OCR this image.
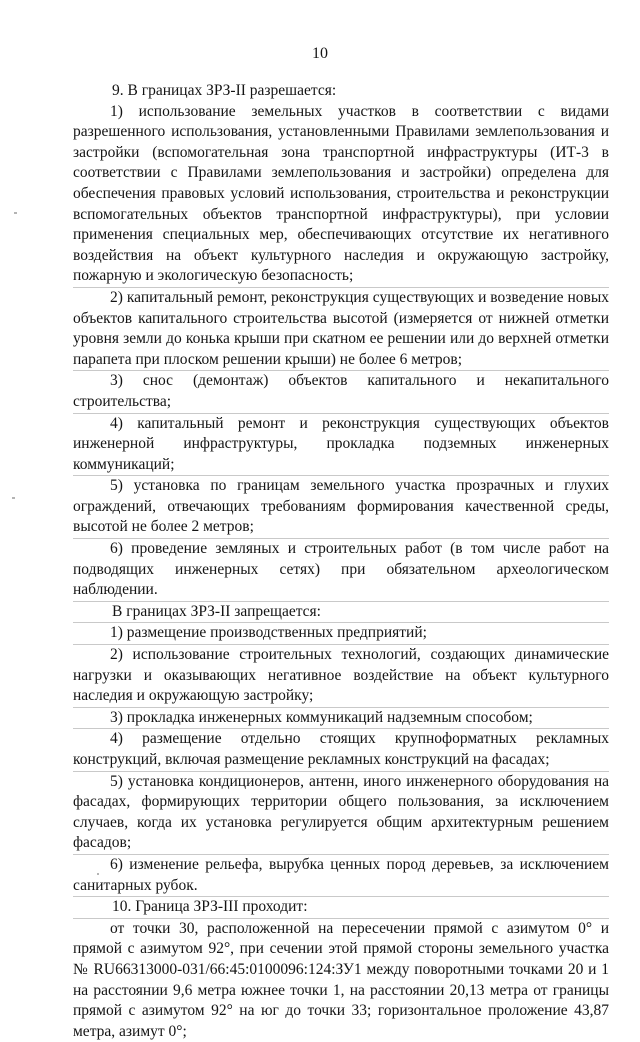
10

9. В границах ЗРЗ-II разрешается:

1) использование земельных участков в соответствии с видами разрешенного использования, установленными Правилами землепользования и застройки (вспомогательная зона транспортной инфраструктуры (ИТ-3 в соответствии с Правилами землепользования и застройки) определена для обеспечения правовых условий использования, строительства и реконструкции вспомогательных объектов транспортной инфраструктуры), при условии применения специальных мер, обеспечивающих отсутствие их негативного воздействия на объект культурного наследия и окружающую застройку, пожарную и экологическую безопасность;

2) капитальный ремонт, реконструкция существующих и возведение новых объектов капитального строительства высотой (измеряется от нижней отметки уровня земли до конька крыши при скатном ее решении или до верхней отметки парапета при плоском решении крыши) не более 6 метров;

3) снос (демонтаж) объектов капитального и некапитального строительства;

4) капитальный ремонт и реконструкция существующих объектов инженерной инфраструктуры, прокладка подземных инженерных коммуникаций;

5) установка по границам земельного участка прозрачных и глухих ограждений, отвечающих требованиям формирования качественной среды, высотой не более 2 метров;

6) проведение земляных и строительных работ (в том числе работ на подводящих инженерных сетях) при обязательном археологическом наблюдении.

В границах ЗРЗ-II запрещается:

1) размещение производственных предприятий;

2) использование строительных технологий, создающих динамические нагрузки и оказывающих негативное воздействие на объект культурного наследия и окружающую застройку;

3) прокладка инженерных коммуникаций надземным способом;

4) размещение отдельно стоящих крупноформатных рекламных конструкций, включая размещение рекламных конструкций на фасадах;

5) установка кондиционеров, антенн, иного инженерного оборудования на фасадах, формирующих территории общего пользования, за исключением случаев, когда их установка регулируется общим архитектурным решением фасадов;

6) изменение рельефа, вырубка ценных пород деревьев, за исключением санитарных рубок.

10. Граница ЗРЗ-III проходит:

от точки 30, расположенной на пересечении прямой с азимутом 0° и прямой с азимутом 92°, при сечении этой прямой стороны земельного участка № RU66313000-031/66:45:0100096:124:ЗУ1 между поворотными точками 20 и 1 на расстоянии 9,6 метра южнее точки 1, на расстоянии 20,13 метра от границы прямой с азимутом 92° на юг до точки 33; горизонтальное проложение 43,87 метра, азимут 0°;
